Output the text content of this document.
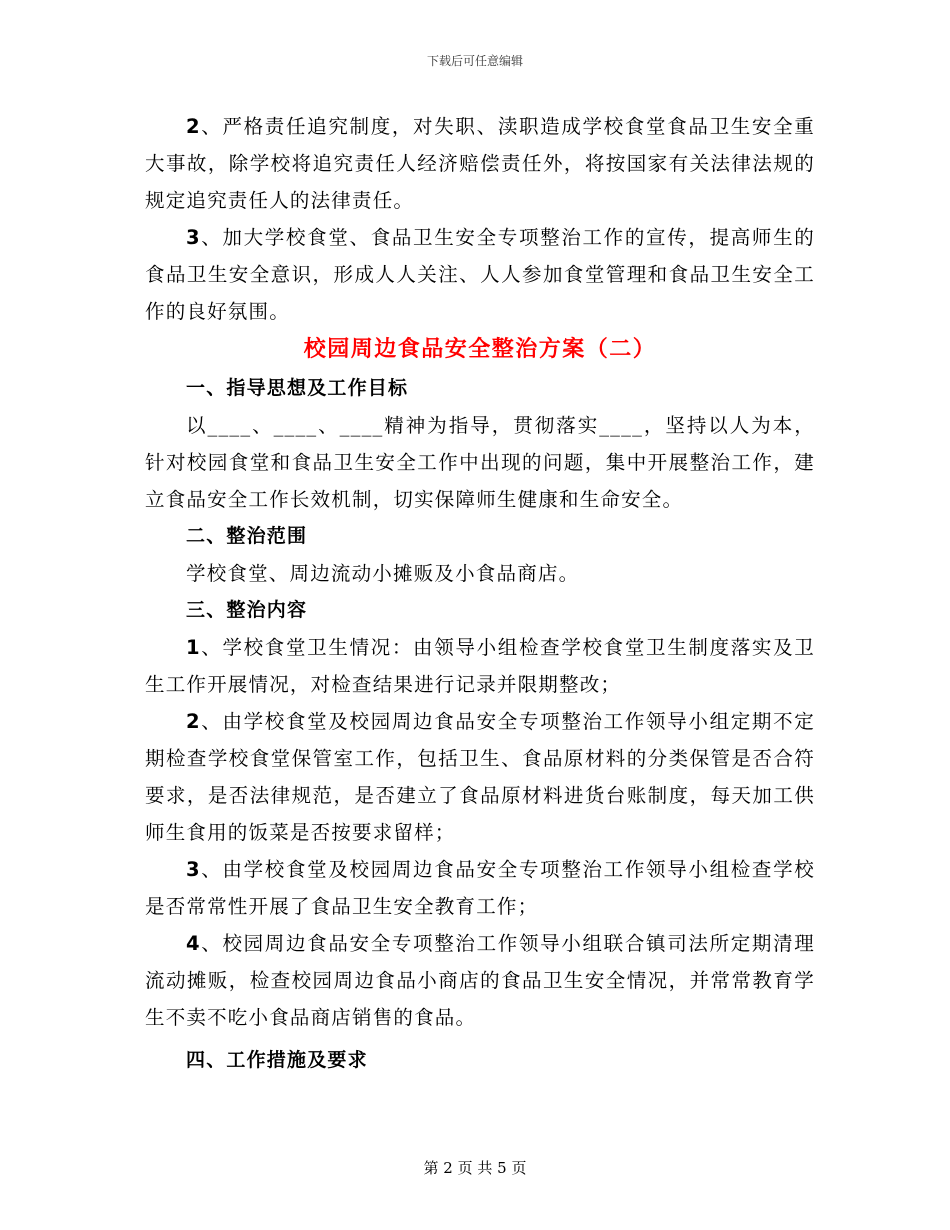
下载后可任意编辑

2、严格责任追究制度，对失职、渎职造成学校食堂食品卫生安全重大事故，除学校将追究责任人经济赔偿责任外，将按国家有关法律法规的规定追究责任人的法律责任。

3、加大学校食堂、食品卫生安全专项整治工作的宣传，提高师生的食品卫生安全意识，形成人人关注、人人参加食堂管理和食品卫生安全工作的良好氛围。

校园周边食品安全整治方案（二）

一、指导思想及工作目标

以____、____、____精神为指导，贯彻落实____，坚持以人为本，针对校园食堂和食品卫生安全工作中出现的问题，集中开展整治工作，建立食品安全工作长效机制，切实保障师生健康和生命安全。

二、整治范围

学校食堂、周边流动小摊贩及小食品商店。

三、整治内容

1、学校食堂卫生情况：由领导小组检查学校食堂卫生制度落实及卫生工作开展情况，对检查结果进行记录并限期整改；

2、由学校食堂及校园周边食品安全专项整治工作领导小组定期不定期检查学校食堂保管室工作，包括卫生、食品原材料的分类保管是否合符要求，是否法律规范，是否建立了食品原材料进货台账制度，每天加工供师生食用的饭菜是否按要求留样；

3、由学校食堂及校园周边食品安全专项整治工作领导小组检查学校是否常常性开展了食品卫生安全教育工作；

4、校园周边食品安全专项整治工作领导小组联合镇司法所定期清理流动摊贩，检查校园周边食品小商店的食品卫生安全情况，并常常教育学生不卖不吃小食品商店销售的食品。

四、工作措施及要求

第 2 页 共 5 页
